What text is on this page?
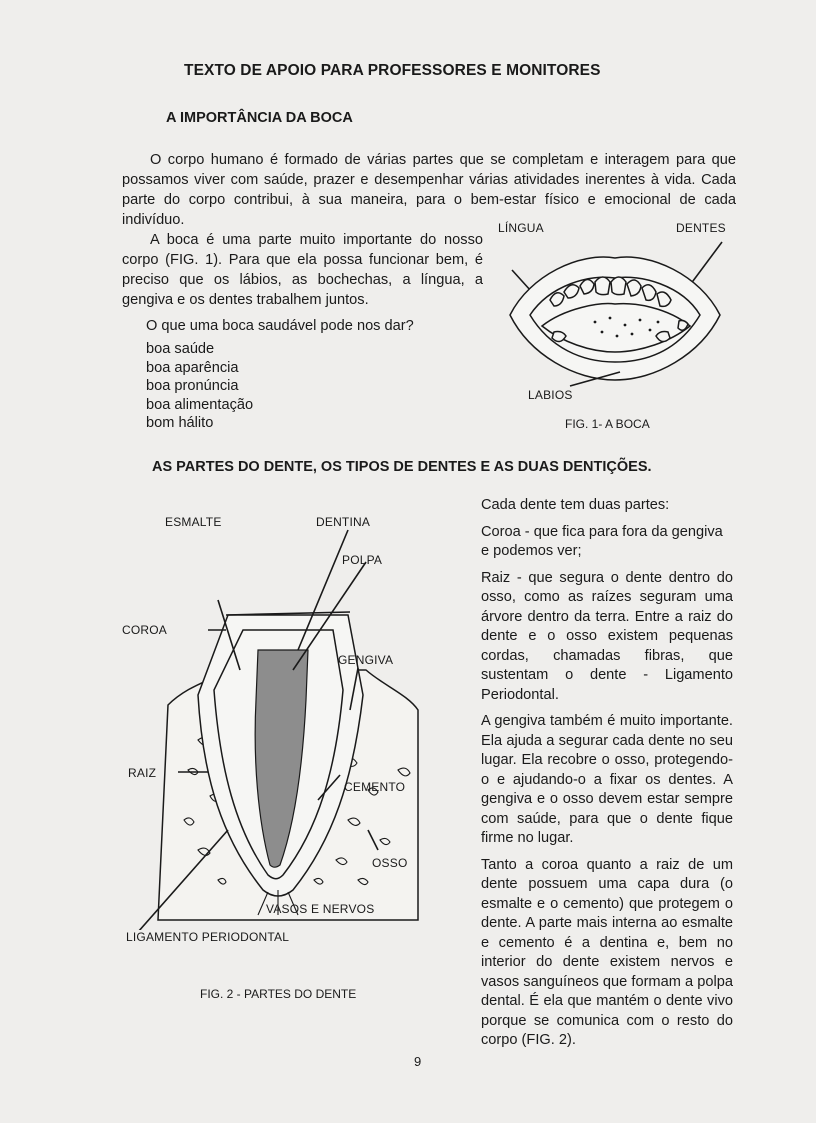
TEXTO DE APOIO PARA PROFESSORES E MONITORES
A IMPORTÂNCIA DA BOCA
O corpo humano é formado de várias partes que se completam e interagem para que possamos viver com saúde, prazer e desempenhar várias atividades inerentes à vida. Cada parte do corpo contribui, à sua maneira, para o bem-estar físico e emocional de cada indivíduo.
A boca é uma parte muito importante do nosso corpo (FIG. 1). Para que ela possa funcionar bem, é preciso que os lábios, as bochechas, a língua, a gengiva e os dentes trabalhem juntos.
O que uma boca saudável pode nos dar?
boa saúde
boa aparência
boa pronúncia
boa alimentação
bom hálito
LÍNGUA	DENTES
LABIOS
FIG. 1- A BOCA
AS PARTES DO DENTE, OS TIPOS DE DENTES E AS DUAS DENTIÇÕES.
ESMALTE	DENTINA
POLPA
COROA
GENGIVA
RAIZ
CEMENTO
OSSO
VASOS E NERVOS
LIGAMENTO PERIODONTAL
FIG. 2 - PARTES DO DENTE

Cada dente tem duas partes:

Coroa - que fica para fora da gengiva e podemos ver;

Raiz - que segura o dente dentro do osso, como as raízes seguram uma árvore dentro da terra. Entre a raiz do dente e o osso existem pequenas cordas, chamadas fibras, que sustentam o dente - Ligamento Periodontal.

A gengiva também é muito importante. Ela ajuda a segurar cada dente no seu lugar. Ela recobre o osso, protegendo-o e ajudando-o a fixar os dentes. A gengiva e o osso devem estar sempre com saúde, para que o dente fique firme no lugar.

Tanto a coroa quanto a raiz de um dente possuem uma capa dura (o esmalte e o cemento) que protegem o dente. A parte mais interna ao esmalte e cemento é a dentina e, bem no interior do dente existem nervos e vasos sanguíneos que formam a polpa dental. É ela que mantém o dente vivo porque se comunica com o resto do corpo (FIG. 2).

9
